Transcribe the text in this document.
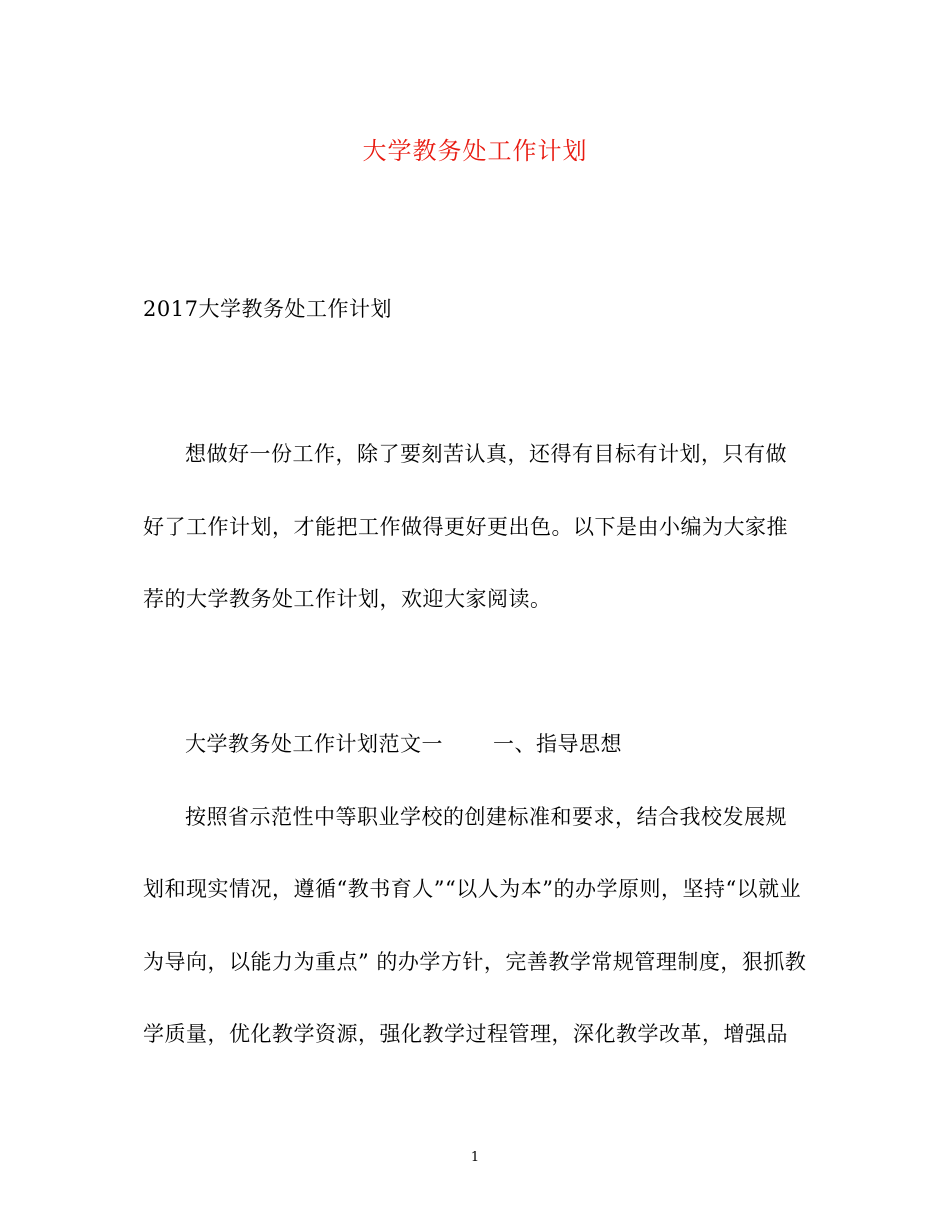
大学教务处工作计划
2017大学教务处工作计划
想做好一份工作，除了要刻苦认真，还得有目标有计划，只有做
好了工作计划，才能把工作做得更好更出色。以下是由小编为大家推
荐的大学教务处工作计划，欢迎大家阅读。
大学教务处工作计划范文一 一、指导思想
按照省示范性中等职业学校的创建标准和要求，结合我校发展规
划和现实情况，遵循“教书育人”“以人为本”的办学原则，坚持“以就业
为导向，以能力为重点” 的办学方针，完善教学常规管理制度，狠抓教
学质量，优化教学资源，强化教学过程管理，深化教学改革，增强品
1
